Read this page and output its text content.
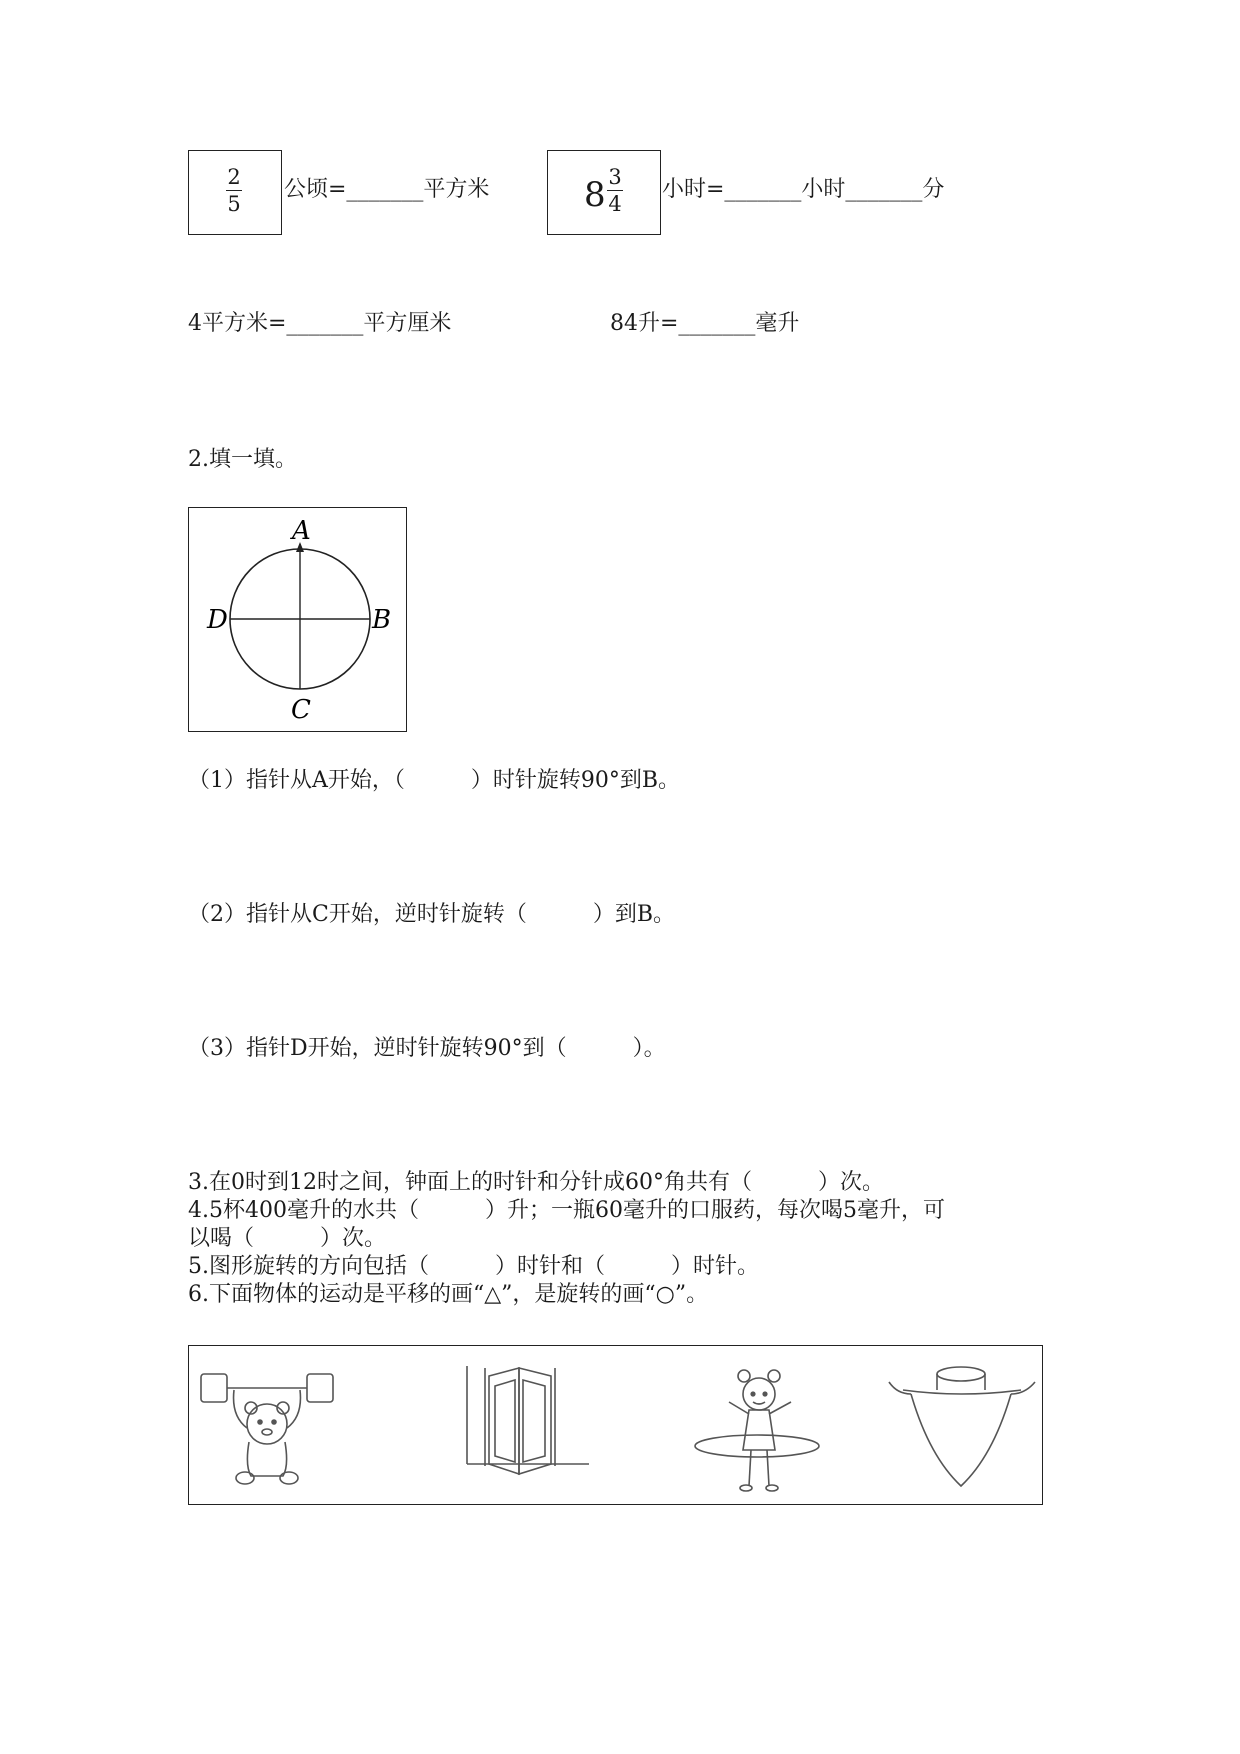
2
5
公顷=_______平方米	8 3
4
小时=_______小时_______分
4平方米=_______平方厘米	84升=_______毫升
2.填一填。
A
B
C
D
（1）指针从A开始，（　　　）时针旋转90°到B。
（2）指针从C开始，逆时针旋转（　　　）到B。
（3）指针D开始，逆时针旋转90°到（　　　）。
3.在0时到12时之间，钟面上的时针和分针成60°角共有（　　　）次。
4.5杯400毫升的水共（　　　）升；一瓶60毫升的口服药，每次喝5毫升，可
以喝（　　　）次。
5.图形旋转的方向包括（　　　）时针和（　　　）时针。
6.下面物体的运动是平移的画“△”，是旋转的画“○”。
